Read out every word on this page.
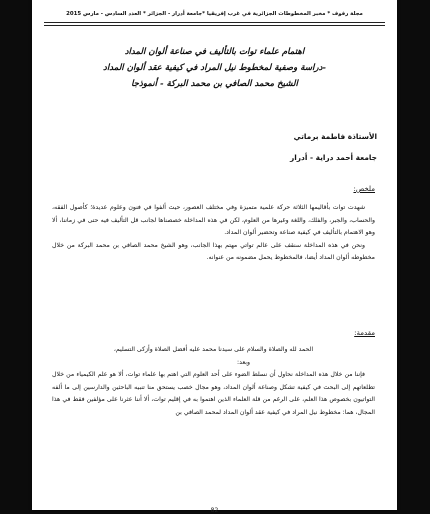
مجلة رفوف * مخبر المخطوطات الجزائرية في غرب إفريقيا *جامعة أدرار - الجزائر * العدد السادس - مارس 2015
اهتمام علماء توات بالتأليف في صناعة ألوان المداد
-دراسة وصفية لمخطوط نيل المراد في كيفية عقد ألوان المداد
الشيخ محمد الصافي بن محمد البركة - أنموذجا
الأستاذة فاطمة برماتي
جامعة أحمد دراية - أدرار
ملخص:

شهدت توات بأقاليمها الثلاثة حركة علمية متميزة وفي مختلف العصور، حيث ألفوا في فنون وعلوم عديدة؛ كأصول الفقه، والحساب، والجبر، والفلك، واللغة وغيرها من العلوم، لكن في هذه المداخلة خصصناها لجانب قل التأليف فيه حتى في زماننا، ألا وهو الاهتمام بالتأليف في كيفية صناعة وتحضير ألوان المداد.

ونحن في هذه المداخلة سنقف على عالم تواتي مهتم بهذا الجانب، وهو الشيخ محمد الصافي بن محمد البركة من خلال مخطوطه ألوان المداد أيضا، فالمخطوط يحمل مضمونه من عنوانه.

مقدمة:

الحمد لله والصلاة والسلام على سيدنا محمد عليه أفضل الصلاة وأزكى التسليم،

وبعد:

فإننا من خلال هذه المداخلة نحاول أن نسلط الضوء على أحد العلوم التي اهتم بها علماء توات، ألا هو علم الكيمياء من خلال تطلعاتهم إلى البحث في كيفية تشكل وصناعة ألوان المداد، وهو مجال خصب يستحق منا تنبيه الباحثين والدارسين إلى ما ألفه التواتيون بخصوص هذا العلم، على الرغم من قلة العلماء الذين اهتموا به في إقليم توات، ألا أننا عثرنا على مؤلفين فقط في هذا المجال، هما: مخطوط نيل المراد في كيفية عقد ألوان المداد لمحمد الصافي بن

82
